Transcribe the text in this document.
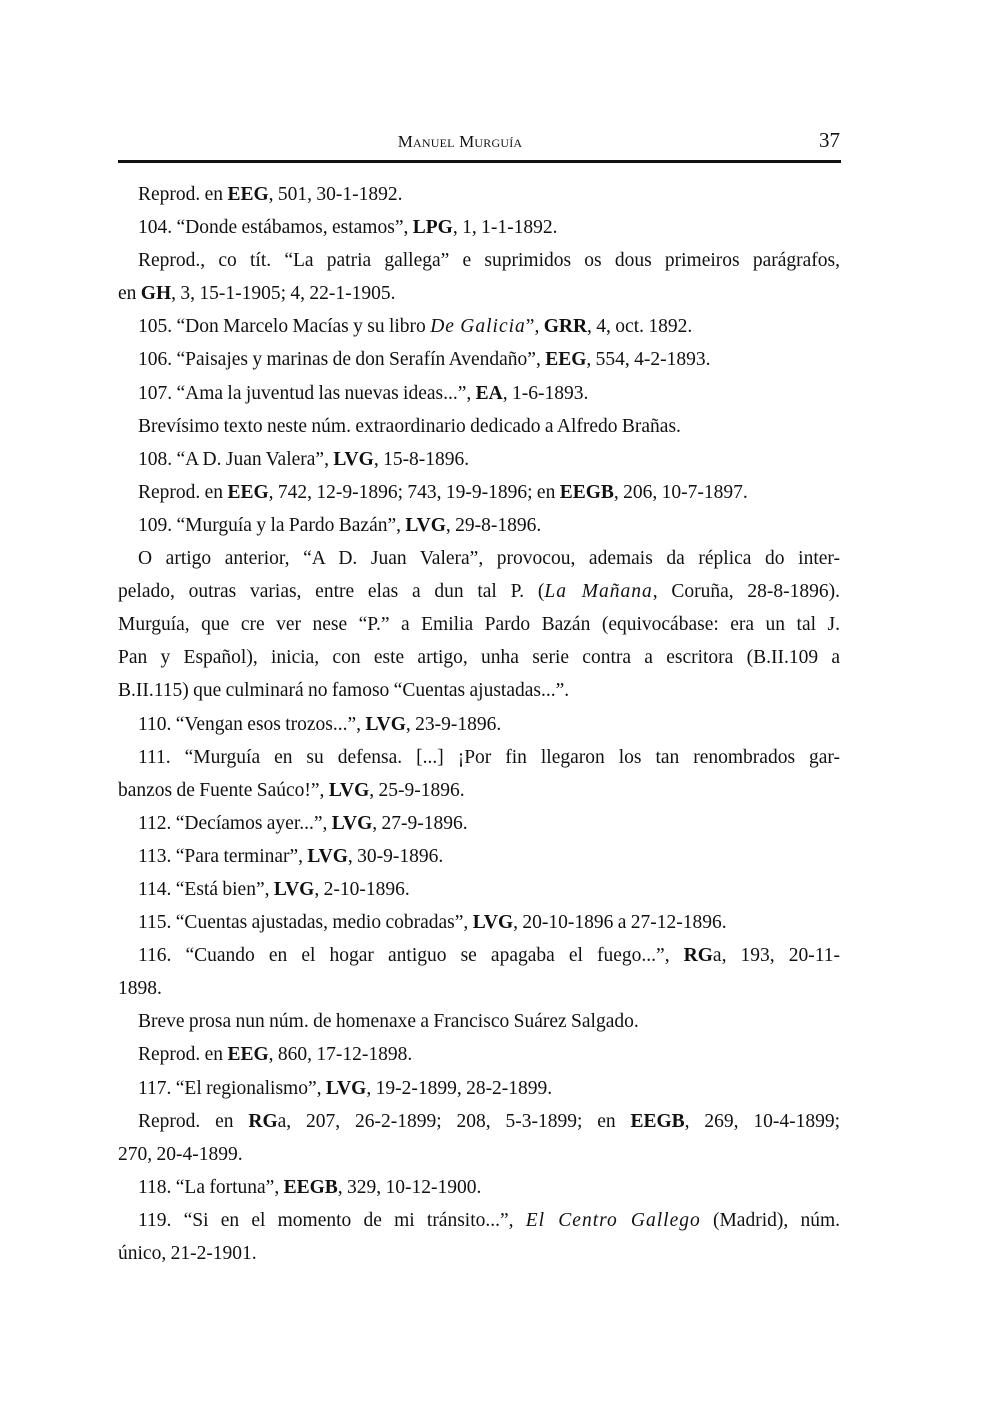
Manuel Murguía	37
Reprod. en EEG, 501, 30-1-1892.
104. “Donde estábamos, estamos”, LPG, 1, 1-1-1892.
Reprod., co tít. “La patria gallega” e suprimidos os dous primeiros parágrafos,
en GH, 3, 15-1-1905; 4, 22-1-1905.
105. “Don Marcelo Macías y su libro De Galicia”, GRR, 4, oct. 1892.
106. “Paisajes y marinas de don Serafín Avendaño”, EEG, 554, 4-2-1893.
107. “Ama la juventud las nuevas ideas...”, EA, 1-6-1893.
Brevísimo texto neste núm. extraordinario dedicado a Alfredo Brañas.
108. “A D. Juan Valera”, LVG, 15-8-1896.
Reprod. en EEG, 742, 12-9-1896; 743, 19-9-1896; en EEGB, 206, 10-7-1897.
109. “Murguía y la Pardo Bazán”, LVG, 29-8-1896.
O artigo anterior, “A D. Juan Valera”, provocou, ademais da réplica do inter-
pelado, outras varias, entre elas a dun tal P. (La Mañana, Coruña, 28-8-1896).
Murguía, que cre ver nese “P.” a Emilia Pardo Bazán (equivocábase: era un tal J.
Pan y Español), inicia, con este artigo, unha serie contra a escritora (B.II.109 a
B.II.115) que culminará no famoso “Cuentas ajustadas...”.
110. “Vengan esos trozos...”, LVG, 23-9-1896.
111. “Murguía en su defensa. [...] ¡Por fin llegaron los tan renombrados gar-
banzos de Fuente Saúco!”, LVG, 25-9-1896.
112. “Decíamos ayer...”, LVG, 27-9-1896.
113. “Para terminar”, LVG, 30-9-1896.
114. “Está bien”, LVG, 2-10-1896.
115. “Cuentas ajustadas, medio cobradas”, LVG, 20-10-1896 a 27-12-1896.
116. “Cuando en el hogar antiguo se apagaba el fuego...”, RGa, 193, 20-11-
1898.
Breve prosa nun núm. de homenaxe a Francisco Suárez Salgado.
Reprod. en EEG, 860, 17-12-1898.
117. “El regionalismo”, LVG, 19-2-1899, 28-2-1899.
Reprod. en RGa, 207, 26-2-1899; 208, 5-3-1899; en EEGB, 269, 10-4-1899;
270, 20-4-1899.
118. “La fortuna”, EEGB, 329, 10-12-1900.
119. “Si en el momento de mi tránsito...”, El Centro Gallego (Madrid), núm.
único, 21-2-1901.
